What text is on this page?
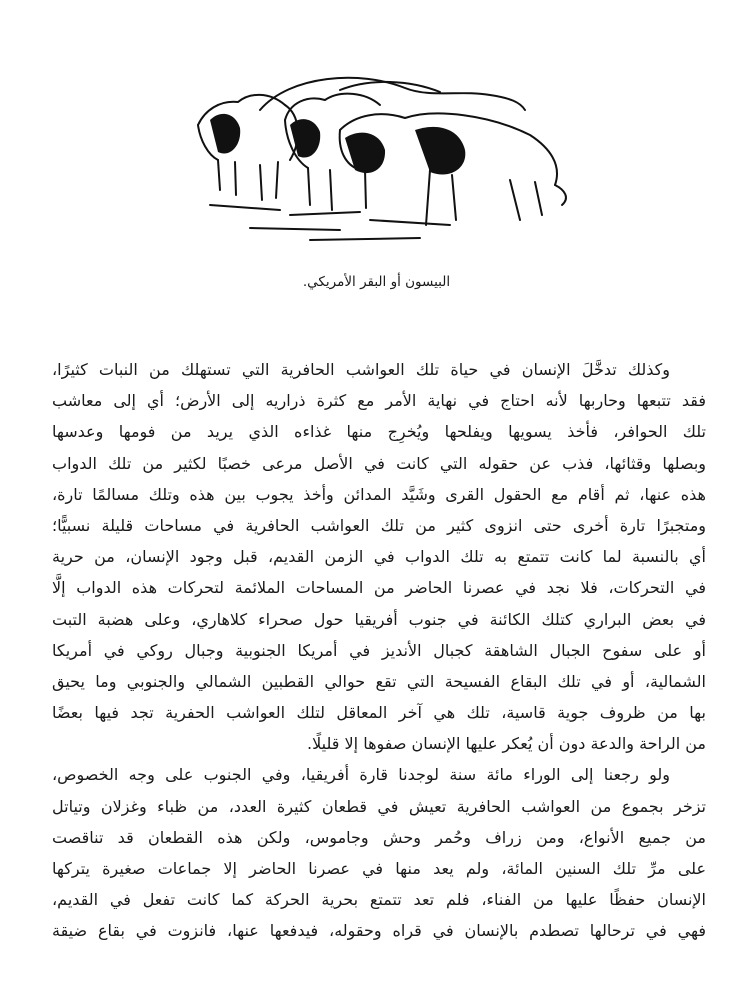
البيسون أو البقر الأمريكي.

وكذلك تدخَّلَ الإنسان في حياة تلك العواشب الحافرية التي تستهلك من النبات كثيرًا،
فقد تتبعها وحاربها لأنه احتاج في نهاية الأمر مع كثرة ذراريه إلى الأرض؛ أي إلى معاشب
تلك الحوافر، فأخذ يسويها ويفلحها ويُخرِج منها غذاءه الذي يريد من فومها وعدسها
وبصلها وقثائها، فذب عن حقوله التي كانت في الأصل مرعى خصبًا لكثير من تلك الدواب
هذه عنها، ثم أقام مع الحقول القرى وشَيَّد المدائن وأخذ يجوب بين هذه وتلك مسالمًا تارة،
ومتجبرًا تارة أخرى حتى انزوى كثير من تلك العواشب الحافرية في مساحات قليلة نسبيًّا؛
أي بالنسبة لما كانت تتمتع به تلك الدواب في الزمن القديم، قبل وجود الإنسان، من حرية
في التحركات، فلا نجد في عصرنا الحاضر من المساحات الملائمة لتحركات هذه الدواب إلَّا
في بعض البراري كتلك الكائنة في جنوب أفريقيا حول صحراء كلاهاري، وعلى هضبة التبت
أو على سفوح الجبال الشاهقة كجبال الأنديز في أمريكا الجنوبية وجبال روكي في أمريكا
الشمالية، أو في تلك البقاع الفسيحة التي تقع حوالي القطبين الشمالي والجنوبي وما يحيق
بها من ظروف جوية قاسية، تلك هي آخر المعاقل لتلك العواشب الحفرية تجد فيها بعضًا
من الراحة والدعة دون أن يُعكر عليها الإنسان صفوها إلا قليلًا.

ولو رجعنا إلى الوراء مائة سنة لوجدنا قارة أفريقيا، وفي الجنوب على وجه الخصوص،
تزخر بجموع من العواشب الحافرية تعيش في قطعان كثيرة العدد، من ظباء وغزلان وتياتل
من جميع الأنواع، ومن زراف وحُمر وحش وجاموس، ولكن هذه القطعان قد تناقصت
على مرِّ تلك السنين المائة، ولم يعد منها في عصرنا الحاضر إلا جماعات صغيرة يتركها
الإنسان حفظًا عليها من الفناء، فلم تعد تتمتع بحرية الحركة كما كانت تفعل في القديم،
فهي في ترحالها تصطدم بالإنسان في قراه وحقوله، فيدفعها عنها، فانزوت في بقاع ضيقة
